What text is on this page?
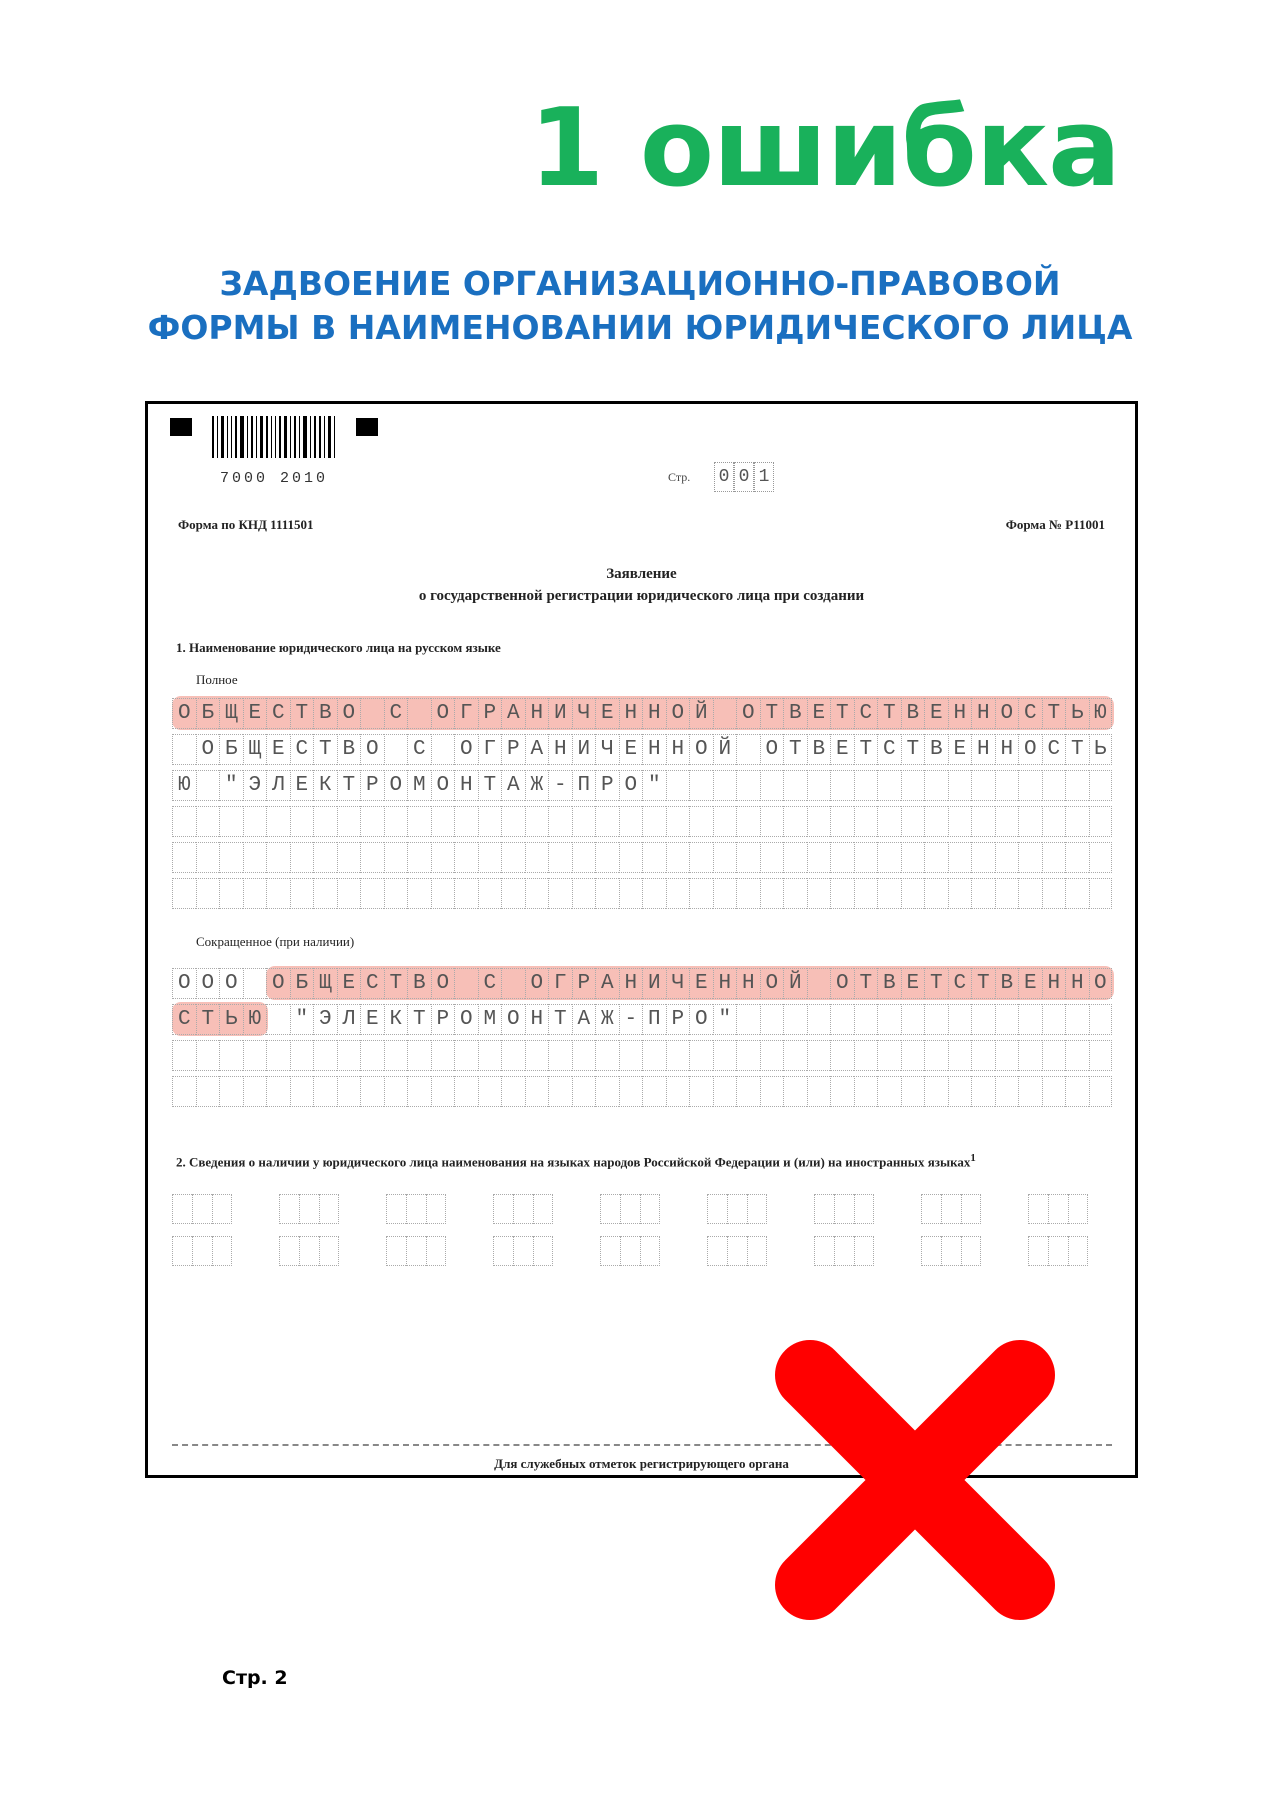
1 ошибка
ЗАДВОЕНИЕ ОРГАНИЗАЦИОННО-ПРАВОВОЙ
ФОРМЫ В НАИМЕНОВАНИИ ЮРИДИЧЕСКОГО ЛИЦА
7000 2010	Стр. 0 0 1
Форма по КНД 1111501	Форма № Р11001
Заявление
о государственной регистрации юридического лица при создании
1. Наименование юридического лица на русском языке
Полное
О Б Щ Е С Т В О С О Г Р А Н И Ч Е Н Н О Й О Т В Е Т С Т В Е Н Н О С Т Ь Ю
О Б Щ Е С Т В О С О Г Р А Н И Ч Е Н Н О Й О Т В Е Т С Т В Е Н Н О С Т Ь
Ю " Э Л Е К Т Р О М О Н Т А Ж - П Р О "
Сокращенное (при наличии)
О О О О Б Щ Е С Т В О С О Г Р А Н И Ч Е Н Н О Й О Т В Е Т С Т В Е Н Н О
С Т Ь Ю " Э Л Е К Т Р О М О Н Т А Ж - П Р О "
2. Сведения о наличии у юридического лица наименования на языках народов Российской Федерации и (или) на иностранных языках$^1$
Для служебных отметок регистрирующего органа
Стр. 2
